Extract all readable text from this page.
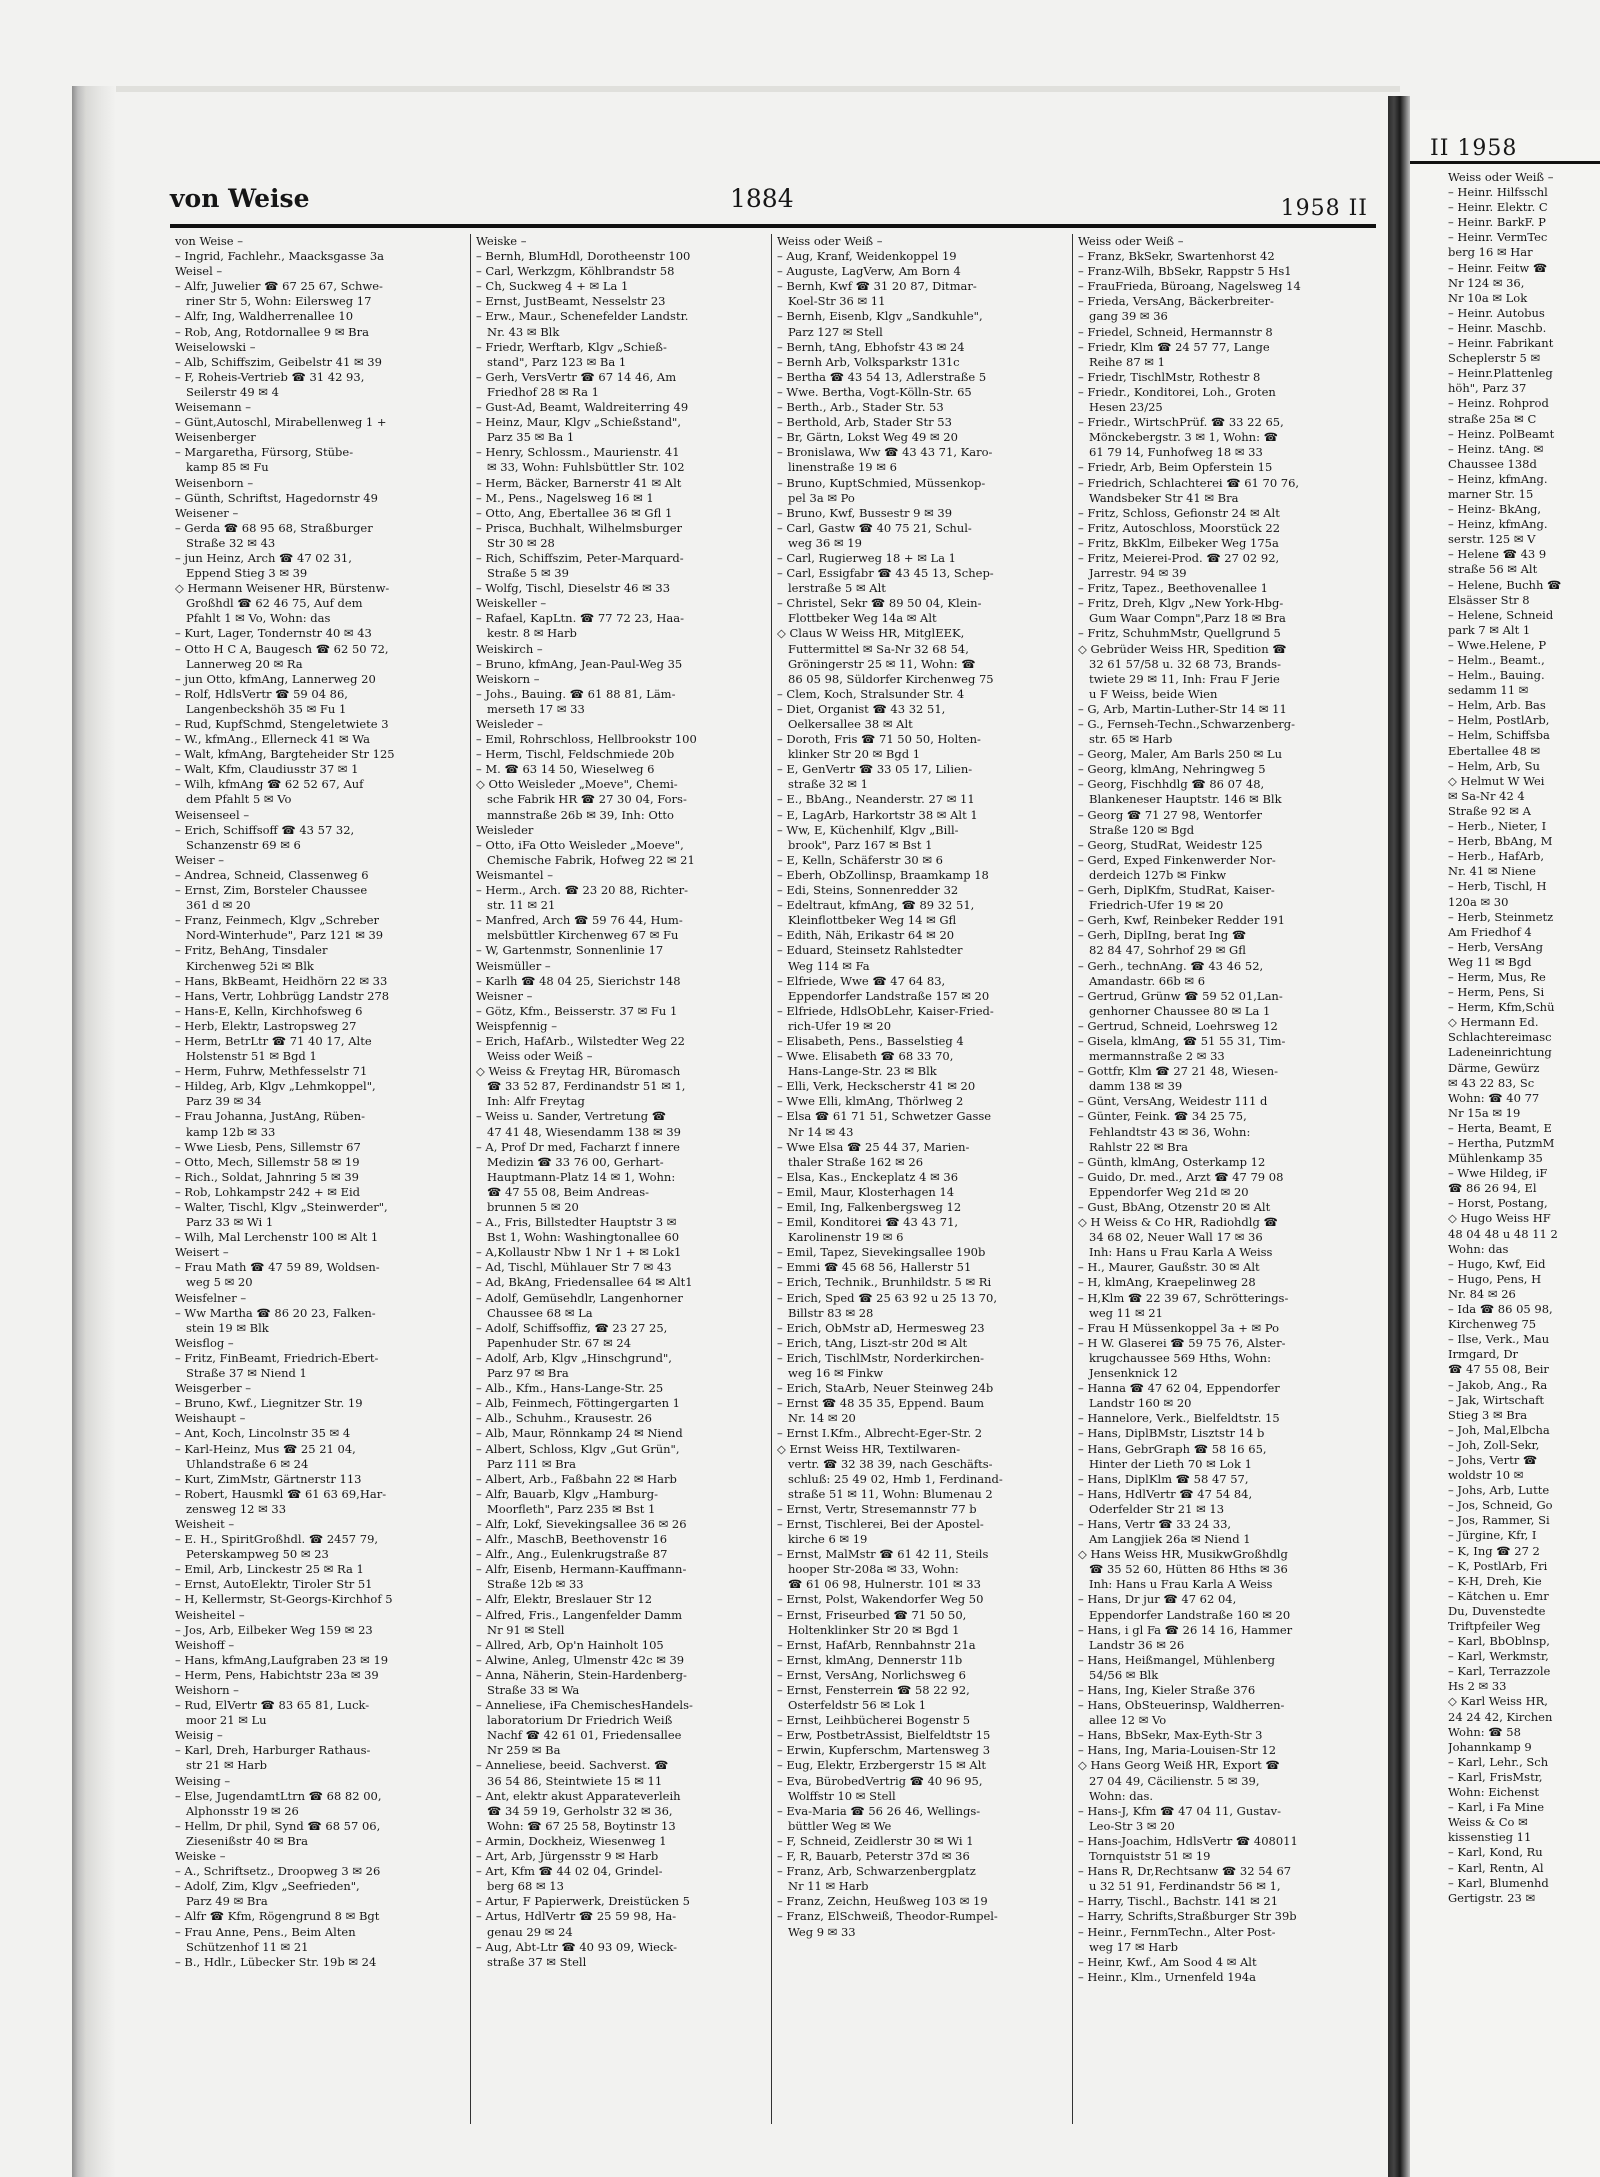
von Weise	1884	1958 II

von Weise –

– Ingrid, Fachlehr., Maacksgasse 3a

Weisel –

– Alfr, Juwelier ☎ 67 25 67, Schwe-

riner Str 5, Wohn: Eilersweg 17

– Alfr, Ing, Waldherrenallee 10

– Rob, Ang, Rotdornallee 9 ✉ Bra

Weiselowski –

– Alb, Schiffszim, Geibelstr 41 ✉ 39

– F, Roheis-Vertrieb ☎ 31 42 93,

Seilerstr 49 ✉ 4

Weisemann –

– Günt,Autoschl, Mirabellenweg 1 +

Weisenberger

– Margaretha, Fürsorg, Stübe-

kamp 85 ✉ Fu

Weisenborn –

– Günth, Schriftst, Hagedornstr 49

Weisener –

– Gerda ☎ 68 95 68, Straßburger

Straße 32 ✉ 43

– jun Heinz, Arch ☎ 47 02 31,

Eppend Stieg 3 ✉ 39

◇ Hermann Weisener HR, Bürstenw-

Großhdl ☎ 62 46 75, Auf dem

Pfahlt 1 ✉ Vo, Wohn: das

– Kurt, Lager, Tondernstr 40 ✉ 43

– Otto H C A, Baugesch ☎ 62 50 72,

Lannerweg 20 ✉ Ra

– jun Otto, kfmAng, Lannerweg 20

– Rolf, HdlsVertr ☎ 59 04 86,

Langenbeckshöh 35 ✉ Fu 1

– Rud, KupfSchmd, Stengeletwiete 3

– W., kfmAng., Ellerneck 41 ✉ Wa

– Walt, kfmAng, Bargteheider Str 125

– Walt, Kfm, Claudiusstr 37 ✉ 1

– Wilh, kfmAng ☎ 62 52 67, Auf

dem Pfahlt 5 ✉ Vo

Weisenseel –

– Erich, Schiffsoff ☎ 43 57 32,

Schanzenstr 69 ✉ 6

Weiser –

– Andrea, Schneid, Classenweg 6

– Ernst, Zim, Borsteler Chaussee

361 d ✉ 20

– Franz, Feinmech, Klgv „Schreber

Nord-Winterhude", Parz 121 ✉ 39

– Fritz, BehAng, Tinsdaler

Kirchenweg 52i ✉ Blk

– Hans, BkBeamt, Heidhörn 22 ✉ 33

– Hans, Vertr, Lohbrügg Landstr 278

– Hans-E, Kelln, Kirchhofsweg 6

– Herb, Elektr, Lastropsweg 27

– Herm, BetrLtr ☎ 71 40 17, Alte

Holstenstr 51 ✉ Bgd 1

– Herm, Fuhrw, Methfesselstr 71

– Hildeg, Arb, Klgv „Lehmkoppel",

Parz 39 ✉ 34

– Frau Johanna, JustAng, Rüben-

kamp 12b ✉ 33

– Wwe Liesb, Pens, Sillemstr 67

– Otto, Mech, Sillemstr 58 ✉ 19

– Rich., Soldat, Jahnring 5 ✉ 39

– Rob, Lohkampstr 242 + ✉ Eid

– Walter, Tischl, Klgv „Steinwerder",

Parz 33 ✉ Wi 1

– Wilh, Mal Lerchenstr 100 ✉ Alt 1

Weisert –

– Frau Math ☎ 47 59 89, Woldsen-

weg 5 ✉ 20

Weisfelner –

– Ww Martha ☎ 86 20 23, Falken-

stein 19 ✉ Blk

Weisflog –

– Fritz, FinBeamt, Friedrich-Ebert-

Straße 37 ✉ Niend 1

Weisgerber –

– Bruno, Kwf., Liegnitzer Str. 19

Weishaupt –

– Ant, Koch, Lincolnstr 35 ✉ 4

– Karl-Heinz, Mus ☎ 25 21 04,

Uhlandstraße 6 ✉ 24

– Kurt, ZimMstr, Gärtnerstr 113

– Robert, Hausmkl ☎ 61 63 69,Har-

zensweg 12 ✉ 33

Weisheit –

– E. H., SpiritGroßhdl. ☎ 2457 79,

Peterskampweg 50 ✉ 23

– Emil, Arb, Linckestr 25 ✉ Ra 1

– Ernst, AutoElektr, Tiroler Str 51

– H, Kellermstr, St-Georgs-Kirchhof 5

Weisheitel –

– Jos, Arb, Eilbeker Weg 159 ✉ 23

Weishoff –

– Hans, kfmAng,Laufgraben 23 ✉ 19

– Herm, Pens, Habichtstr 23a ✉ 39

Weishorn –

– Rud, ElVertr ☎ 83 65 81, Luck-

moor 21 ✉ Lu

Weisig –

– Karl, Dreh, Harburger Rathaus-

str 21 ✉ Harb

Weising –

– Else, JugendamtLtrn ☎ 68 82 00,

Alphonsstr 19 ✉ 26

– Hellm, Dr phil, Synd ☎ 68 57 06,

Ziesenißstr 40 ✉ Bra

Weiske –

– A., Schriftsetz., Droopweg 3 ✉ 26

– Adolf, Zim, Klgv „Seefrieden",

Parz 49 ✉ Bra

– Alfr ☎ Kfm, Rögengrund 8 ✉ Bgt

– Frau Anne, Pens., Beim Alten

Schützenhof 11 ✉ 21

– B., Hdlr., Lübecker Str. 19b ✉ 24

Weiske –

– Bernh, BlumHdl, Dorotheenstr 100

– Carl, Werkzgm, Köhlbrandstr 58

– Ch, Suckweg 4 + ✉ La 1

– Ernst, JustBeamt, Nesselstr 23

– Erw., Maur., Schenefelder Landstr.

Nr. 43 ✉ Blk

– Friedr, Werftarb, Klgv „Schieß-

stand", Parz 123 ✉ Ba 1

– Gerh, VersVertr ☎ 67 14 46, Am

Friedhof 28 ✉ Ra 1

– Gust-Ad, Beamt, Waldreiterring 49

– Heinz, Maur, Klgv „Schießstand",

Parz 35 ✉ Ba 1

– Henry, Schlossm., Maurienstr. 41

✉ 33, Wohn: Fuhlsbüttler Str. 102

– Herm, Bäcker, Barnerstr 41 ✉ Alt

– M., Pens., Nagelsweg 16 ✉ 1

– Otto, Ang, Ebertallee 36 ✉ Gfl 1

– Prisca, Buchhalt, Wilhelmsburger

Str 30 ✉ 28

– Rich, Schiffszim, Peter-Marquard-

Straße 5 ✉ 39

– Wolfg, Tischl, Dieselstr 46 ✉ 33

Weiskeller –

– Rafael, KapLtn. ☎ 77 72 23, Haa-

kestr. 8 ✉ Harb

Weiskirch –

– Bruno, kfmAng, Jean-Paul-Weg 35

Weiskorn –

– Johs., Bauing. ☎ 61 88 81, Läm-

merseth 17 ✉ 33

Weisleder –

– Emil, Rohrschloss, Hellbrookstr 100

– Herm, Tischl, Feldschmiede 20b

– M. ☎ 63 14 50, Wieselweg 6

◇ Otto Weisleder „Moeve", Chemi-

sche Fabrik HR ☎ 27 30 04, Fors-

mannstraße 26b ✉ 39, Inh: Otto

Weisleder

– Otto, iFa Otto Weisleder „Moeve",

Chemische Fabrik, Hofweg 22 ✉ 21

Weismantel –

– Herm., Arch. ☎ 23 20 88, Richter-

str. 11 ✉ 21

– Manfred, Arch ☎ 59 76 44, Hum-

melsbüttler Kirchenweg 67 ✉ Fu

– W, Gartenmstr, Sonnenlinie 17

Weismüller –

– Karlh ☎ 48 04 25, Sierichstr 148

Weisner –

– Götz, Kfm., Beisserstr. 37 ✉ Fu 1

Weispfennig –

– Erich, HafArb., Wilstedter Weg 22

Weiss oder Weiß –

◇ Weiss & Freytag HR, Büromasch

☎ 33 52 87, Ferdinandstr 51 ✉ 1,

Inh: Alfr Freytag

– Weiss u. Sander, Vertretung ☎

47 41 48, Wiesendamm 138 ✉ 39

– A, Prof Dr med, Facharzt f innere

Medizin ☎ 33 76 00, Gerhart-

Hauptmann-Platz 14 ✉ 1, Wohn:

☎ 47 55 08, Beim Andreas-

brunnen 5 ✉ 20

– A., Fris, Billstedter Hauptstr 3 ✉

Bst 1, Wohn: Washingtonallee 60

– A,Kollaustr Nbw 1 Nr 1 + ✉ Lok1

– Ad, Tischl, Mühlauer Str 7 ✉ 43

– Ad, BkAng, Friedensallee 64 ✉ Alt1

– Adolf, Gemüsehdlr, Langenhorner

Chaussee 68 ✉ La

– Adolf, Schiffsoffiz, ☎ 23 27 25,

Papenhuder Str. 67 ✉ 24

– Adolf, Arb, Klgv „Hinschgrund",

Parz 97 ✉ Bra

– Alb., Kfm., Hans-Lange-Str. 25

– Alb, Feinmech, Föttingergarten 1

– Alb., Schuhm., Krausestr. 26

– Alb, Maur, Rönnkamp 24 ✉ Niend

– Albert, Schloss, Klgv „Gut Grün",

Parz 111 ✉ Bra

– Albert, Arb., Faßbahn 22 ✉ Harb

– Alfr, Bauarb, Klgv „Hamburg-

Moorfleth", Parz 235 ✉ Bst 1

– Alfr, Lokf, Sievekingsallee 36 ✉ 26

– Alfr., MaschB, Beethovenstr 16

– Alfr., Ang., Eulenkrugstraße 87

– Alfr, Eisenb, Hermann-Kauffmann-

Straße 12b ✉ 33

– Alfr, Elektr, Breslauer Str 12

– Alfred, Fris., Langenfelder Damm

Nr 91 ✉ Stell

– Allred, Arb, Op'n Hainholt 105

– Alwine, Anleg, Ulmenstr 42c ✉ 39

– Anna, Näherin, Stein-Hardenberg-

Straße 33 ✉ Wa

– Anneliese, iFa ChemischesHandels-

laboratorium Dr Friedrich Weiß

Nachf ☎ 42 61 01, Friedensallee

Nr 259 ✉ Ba

– Anneliese, beeid. Sachverst. ☎

36 54 86, Steintwiete 15 ✉ 11

– Ant, elektr akust Apparateverleih

☎ 34 59 19, Gerholstr 32 ✉ 36,

Wohn: ☎ 67 25 58, Boytinstr 13

– Armin, Dockheiz, Wiesenweg 1

– Art, Arb, Jürgensstr 9 ✉ Harb

– Art, Kfm ☎ 44 02 04, Grindel-

berg 68 ✉ 13

– Artur, F Papierwerk, Dreistücken 5

– Artus, HdlVertr ☎ 25 59 98, Ha-

genau 29 ✉ 24

– Aug, Abt-Ltr ☎ 40 93 09, Wieck-

straße 37 ✉ Stell

Weiss oder Weiß –

– Aug, Kranf, Weidenkoppel 19

– Auguste, LagVerw, Am Born 4

– Bernh, Kwf ☎ 31 20 87, Ditmar-

Koel-Str 36 ✉ 11

– Bernh, Eisenb, Klgv „Sandkuhle",

Parz 127 ✉ Stell

– Bernh, tAng, Ebhofstr 43 ✉ 24

– Bernh Arb, Volksparkstr 131c

– Bertha ☎ 43 54 13, Adlerstraße 5

– Wwe. Bertha, Vogt-Kölln-Str. 65

– Berth., Arb., Stader Str. 53

– Berthold, Arb, Stader Str 53

– Br, Gärtn, Lokst Weg 49 ✉ 20

– Bronislawa, Ww ☎ 43 43 71, Karo-

linenstraße 19 ✉ 6

– Bruno, KuptSchmied, Müssenkop-

pel 3a ✉ Po

– Bruno, Kwf, Bussestr 9 ✉ 39

– Carl, Gastw ☎ 40 75 21, Schul-

weg 36 ✉ 19

– Carl, Rugierweg 18 + ✉ La 1

– Carl, Essigfabr ☎ 43 45 13, Schep-

lerstraße 5 ✉ Alt

– Christel, Sekr ☎ 89 50 04, Klein-

Flottbeker Weg 14a ✉ Alt

◇ Claus W Weiss HR, MitglEEK,

Futtermittel ✉ Sa-Nr 32 68 54,

Gröningerstr 25 ✉ 11, Wohn: ☎

86 05 98, Süldorfer Kirchenweg 75

– Clem, Koch, Stralsunder Str. 4

– Diet, Organist ☎ 43 32 51,

Oelkersallee 38 ✉ Alt

– Doroth, Fris ☎ 71 50 50, Holten-

klinker Str 20 ✉ Bgd 1

– E, GenVertr ☎ 33 05 17, Lilien-

straße 32 ✉ 1

– E., BbAng., Neanderstr. 27 ✉ 11

– E, LagArb, Harkortstr 38 ✉ Alt 1

– Ww, E, Küchenhilf, Klgv „Bill-

brook", Parz 167 ✉ Bst 1

– E, Kelln, Schäferstr 30 ✉ 6

– Eberh, ObZollinsp, Braamkamp 18

– Edi, Steins, Sonnenredder 32

– Edeltraut, kfmAng, ☎ 89 32 51,

Kleinflottbeker Weg 14 ✉ Gfl

– Edith, Näh, Erikastr 64 ✉ 20

– Eduard, Steinsetz Rahlstedter

Weg 114 ✉ Fa

– Elfriede, Wwe ☎ 47 64 83,

Eppendorfer Landstraße 157 ✉ 20

– Elfriede, HdlsObLehr, Kaiser-Fried-

rich-Ufer 19 ✉ 20

– Elisabeth, Pens., Basselstieg 4

– Wwe. Elisabeth ☎ 68 33 70,

Hans-Lange-Str. 23 ✉ Blk

– Elli, Verk, Heckscherstr 41 ✉ 20

– Wwe Elli, klmAng, Thörlweg 2

– Elsa ☎ 61 71 51, Schwetzer Gasse

Nr 14 ✉ 43

– Wwe Elsa ☎ 25 44 37, Marien-

thaler Straße 162 ✉ 26

– Elsa, Kas., Enckeplatz 4 ✉ 36

– Emil, Maur, Klosterhagen 14

– Emil, Ing, Falkenbergsweg 12

– Emil, Konditorei ☎ 43 43 71,

Karolinenstr 19 ✉ 6

– Emil, Tapez, Sievekingsallee 190b

– Emmi ☎ 45 68 56, Hallerstr 51

– Erich, Technik., Brunhildstr. 5 ✉ Ri

– Erich, Sped ☎ 25 63 92 u 25 13 70,

Billstr 83 ✉ 28

– Erich, ObMstr aD, Hermesweg 23

– Erich, tAng, Liszt-str 20d ✉ Alt

– Erich, TischlMstr, Norderkirchen-

weg 16 ✉ Finkw

– Erich, StaArb, Neuer Steinweg 24b

– Ernst ☎ 48 35 35, Eppend. Baum

Nr. 14 ✉ 20

– Ernst I.Kfm., Albrecht-Eger-Str. 2

◇ Ernst Weiss HR, Textilwaren-

vertr. ☎ 32 38 39, nach Geschäfts-

schluß: 25 49 02, Hmb 1, Ferdinand-

straße 51 ✉ 11, Wohn: Blumenau 2

– Ernst, Vertr, Stresemannstr 77 b

– Ernst, Tischlerei, Bei der Apostel-

kirche 6 ✉ 19

– Ernst, MalMstr ☎ 61 42 11, Steils

hooper Str-208a ✉ 33, Wohn:

☎ 61 06 98, Hulnerstr. 101 ✉ 33

– Ernst, Polst, Wakendorfer Weg 50

– Ernst, Friseurbed ☎ 71 50 50,

Holtenklinker Str 20 ✉ Bgd 1

– Ernst, HafArb, Rennbahnstr 21a

– Ernst, klmAng, Dennerstr 11b

– Ernst, VersAng, Norlichsweg 6

– Ernst, Fensterrein ☎ 58 22 92,

Osterfeldstr 56 ✉ Lok 1

– Ernst, Leihbücherei Bogenstr 5

– Erw, PostbetrAssist, Bielfeldtstr 15

– Erwin, Kupferschm, Martensweg 3

– Eug, Elektr, Erzbergerstr 15 ✉ Alt

– Eva, BürobedVertrig ☎ 40 96 95,

Wolffstr 10 ✉ Stell

– Eva-Maria ☎ 56 26 46, Wellings-

büttler Weg ✉ We

– F, Schneid, Zeidlerstr 30 ✉ Wi 1

– F, R, Bauarb, Peterstr 37d ✉ 36

– Franz, Arb, Schwarzenbergplatz

Nr 11 ✉ Harb

– Franz, Zeichn, Heußweg 103 ✉ 19

– Franz, ElSchweiß, Theodor-Rumpel-

Weg 9 ✉ 33

Weiss oder Weiß –

– Franz, BkSekr, Swartenhorst 42

– Franz-Wilh, BbSekr, Rappstr 5 Hs1

– FrauFrieda, Büroang, Nagelsweg 14

– Frieda, VersAng, Bäckerbreiter-

gang 39 ✉ 36

– Friedel, Schneid, Hermannstr 8

– Friedr, Klm ☎ 24 57 77, Lange

Reihe 87 ✉ 1

– Friedr, TischlMstr, Rothestr 8

– Friedr., Konditorei, Loh., Groten

Hesen 23/25

– Friedr., WirtschPrüf. ☎ 33 22 65,

Mönckebergstr. 3 ✉ 1, Wohn: ☎

61 79 14, Funhofweg 18 ✉ 33

– Friedr, Arb, Beim Opferstein 15

– Friedrich, Schlachterei ☎ 61 70 76,

Wandsbeker Str 41 ✉ Bra

– Fritz, Schloss, Gefionstr 24 ✉ Alt

– Fritz, Autoschloss, Moorstück 22

– Fritz, BkKlm, Eilbeker Weg 175a

– Fritz, Meierei-Prod. ☎ 27 02 92,

Jarrestr. 94 ✉ 39

– Fritz, Tapez., Beethovenallee 1

– Fritz, Dreh, Klgv „New York-Hbg-

Gum Waar Compn",Parz 18 ✉ Bra

– Fritz, SchuhmMstr, Quellgrund 5

◇ Gebrüder Weiss HR, Spedition ☎

32 61 57/58 u. 32 68 73, Brands-

twiete 29 ✉ 11, Inh: Frau F Jerie

u F Weiss, beide Wien

– G, Arb, Martin-Luther-Str 14 ✉ 11

– G., Fernseh-Techn.,Schwarzenberg-

str. 65 ✉ Harb

– Georg, Maler, Am Barls 250 ✉ Lu

– Georg, klmAng, Nehringweg 5

– Georg, Fischhdlg ☎ 86 07 48,

Blankeneser Hauptstr. 146 ✉ Blk

– Georg ☎ 71 27 98, Wentorfer

Straße 120 ✉ Bgd

– Georg, StudRat, Weidestr 125

– Gerd, Exped Finkenwerder Nor-

derdeich 127b ✉ Finkw

– Gerh, DiplKfm, StudRat, Kaiser-

Friedrich-Ufer 19 ✉ 20

– Gerh, Kwf, Reinbeker Redder 191

– Gerh, DiplIng, berat Ing ☎

82 84 47, Sohrhof 29 ✉ Gfl

– Gerh., technAng. ☎ 43 46 52,

Amandastr. 66b ✉ 6

– Gertrud, Grünw ☎ 59 52 01,Lan-

genhorner Chaussee 80 ✉ La 1

– Gertrud, Schneid, Loehrsweg 12

– Gisela, klmAng, ☎ 51 55 31, Tim-

mermannstraße 2 ✉ 33

– Gottfr, Klm ☎ 27 21 48, Wiesen-

damm 138 ✉ 39

– Günt, VersAng, Weidestr 111 d

– Günter, Feink. ☎ 34 25 75,

Fehlandtstr 43 ✉ 36, Wohn:

Rahlstr 22 ✉ Bra

– Günth, klmAng, Osterkamp 12

– Guido, Dr. med., Arzt ☎ 47 79 08

Eppendorfer Weg 21d ✉ 20

– Gust, BbAng, Otzenstr 20 ✉ Alt

◇ H Weiss & Co HR, Radiohdlg ☎

34 68 02, Neuer Wall 17 ✉ 36

Inh: Hans u Frau Karla A Weiss

– H., Maurer, Gaußstr. 30 ✉ Alt

– H, klmAng, Kraepelinweg 28

– H,Klm ☎ 22 39 67, Schrötterings-

weg 11 ✉ 21

– Frau H Müssenkoppel 3a + ✉ Po

– H W. Glaserei ☎ 59 75 76, Alster-

krugchaussee 569 Hths, Wohn:

Jensenknick 12

– Hanna ☎ 47 62 04, Eppendorfer

Landstr 160 ✉ 20

– Hannelore, Verk., Bielfeldtstr. 15

– Hans, DiplBMstr, Lisztstr 14 b

– Hans, GebrGraph ☎ 58 16 65,

Hinter der Lieth 70 ✉ Lok 1

– Hans, DiplKlm ☎ 58 47 57,

– Hans, HdlVertr ☎ 47 54 84,

Oderfelder Str 21 ✉ 13

– Hans, Vertr ☎ 33 24 33,

Am Langjiek 26a ✉ Niend 1

◇ Hans Weiss HR, MusikwGroßhdlg

☎ 35 52 60, Hütten 86 Hths ✉ 36

Inh: Hans u Frau Karla A Weiss

– Hans, Dr jur ☎ 47 62 04,

Eppendorfer Landstraße 160 ✉ 20

– Hans, i gl Fa ☎ 26 14 16, Hammer

Landstr 36 ✉ 26

– Hans, Heißmangel, Mühlenberg

54/56 ✉ Blk

– Hans, Ing, Kieler Straße 376

– Hans, ObSteuerinsp, Waldherren-

allee 12 ✉ Vo

– Hans, BbSekr, Max-Eyth-Str 3

– Hans, Ing, Maria-Louisen-Str 12

◇ Hans Georg Weiß HR, Export ☎

27 04 49, Cäcilienstr. 5 ✉ 39,

Wohn: das.

– Hans-J, Kfm ☎ 47 04 11, Gustav-

Leo-Str 3 ✉ 20

– Hans-Joachim, HdlsVertr ☎ 408011

Tornquiststr 51 ✉ 19

– Hans R, Dr,Rechtsanw ☎ 32 54 67

u 32 51 91, Ferdinandstr 56 ✉ 1,

– Harry, Tischl., Bachstr. 141 ✉ 21

– Harry, Schrifts,Straßburger Str 39b

– Heinr., FernmTechn., Alter Post-

weg 17 ✉ Harb

– Heinr, Kwf., Am Sood 4 ✉ Alt

– Heinr., Klm., Urnenfeld 194a

II 1958

Weiss oder Weiß –

– Heinr. Hilfsschl

– Heinr. Elektr. C

– Heinr. BarkF. P

– Heinr. VermTec

berg 16 ✉ Har

– Heinr. Feitw ☎

Nr 124 ✉ 36,

Nr 10a ✉ Lok

– Heinr. Autobus

– Heinr. Maschb.

– Heinr. Fabrikant

Scheplerstr 5 ✉

– Heinr.Plattenleg

höh", Parz 37

– Heinz. Rohprod

straße 25a ✉ C

– Heinz. PolBeamt

– Heinz. tAng. ✉

Chaussee 138d

– Heinz, kfmAng.

marner Str. 15

– Heinz- BkAng,

– Heinz, kfmAng.

serstr. 125 ✉ V

– Helene ☎ 43 9

straße 56 ✉ Alt

– Helene, Buchh ☎

Elsässer Str 8

– Helene, Schneid

park 7 ✉ Alt 1

– Wwe.Helene, P

– Helm., Beamt.,

– Helm., Bauing.

sedamm 11 ✉

– Helm, Arb. Bas

– Helm, PostlArb,

– Helm, Schiffsba

Ebertallee 48 ✉

– Helm, Arb, Su

◇ Helmut W Wei

✉ Sa-Nr 42 4

Straße 92 ✉ A

– Herb., Nieter, I

– Herb, BbAng, M

– Herb., HafArb,

Nr. 41 ✉ Niene

– Herb, Tischl, H

120a ✉ 30

– Herb, Steinmetz

Am Friedhof 4

– Herb, VersAng

Weg 11 ✉ Bgd

– Herm, Mus, Re

– Herm, Pens, Si

– Herm, Kfm,Schü

◇ Hermann Ed.

Schlachtereimasc

Ladeneinrichtung

Därme, Gewürz

✉ 43 22 83, Sc

Wohn: ☎ 40 77

Nr 15a ✉ 19

– Herta, Beamt, E

– Hertha, PutzmM

Mühlenkamp 35

– Wwe Hildeg, iF

☎ 86 26 94, El

– Horst, Postang,

◇ Hugo Weiss HF

48 04 48 u 48 11 2

Wohn: das

– Hugo, Kwf, Eid

– Hugo, Pens, H

Nr. 84 ✉ 26

– Ida ☎ 86 05 98,

Kirchenweg 75

– Ilse, Verk., Mau

Irmgard, Dr

☎ 47 55 08, Beir

– Jakob, Ang., Ra

– Jak, Wirtschaft

Stieg 3 ✉ Bra

– Joh, Mal,Elbcha

– Joh, Zoll-Sekr,

– Johs, Vertr ☎

woldstr 10 ✉

– Johs, Arb, Lutte

– Jos, Schneid, Go

– Jos, Rammer, Si

– Jürgine, Kfr, I

– K, Ing ☎ 27 2

– K, PostlArb, Fri

– K-H, Dreh, Kie

– Kätchen u. Emr

Du, Duvenstedte

Triftpfeiler Weg

– Karl, BbOblnsp,

– Karl, Werkmstr,

– Karl, Terrazzole

Hs 2 ✉ 33

◇ Karl Weiss HR,

24 24 42, Kirchen

Wohn: ☎ 58

Johannkamp 9

– Karl, Lehr., Sch

– Karl, FrisMstr,

Wohn: Eichenst

– Karl, i Fa Mine

Weiss & Co ✉

kissenstieg 11

– Karl, Kond, Ru

– Karl, Rentn, Al

– Karl, Blumenhd

Gertigstr. 23 ✉
